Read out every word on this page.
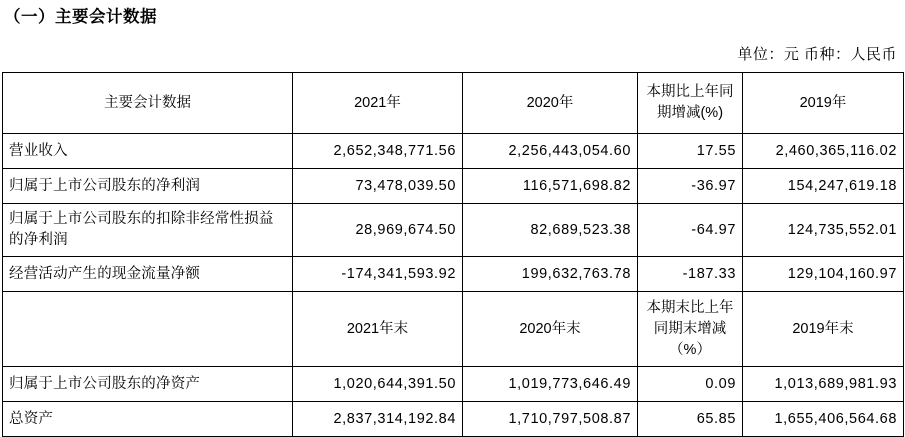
（一）主要会计数据
单位：元 币种：人民币
主要会计数据	2021年	2020年	本期比上年同期增减(%)	2019年
营业收入	2,652,348,771.56	2,256,443,054.60	17.55	2,460,365,116.02
归属于上市公司股东的净利润	73,478,039.50	116,571,698.82	-36.97	154,247,619.18
归属于上市公司股东的扣除非经常性损益的净利润	28,969,674.50	82,689,523.38	-64.97	124,735,552.01
经营活动产生的现金流量净额	-174,341,593.92	199,632,763.78	-187.33	129,104,160.97
	2021年末	2020年末	本期末比上年同期末增减（%）	2019年末
归属于上市公司股东的净资产	1,020,644,391.50	1,019,773,646.49	0.09	1,013,689,981.93
总资产	2,837,314,192.84	1,710,797,508.87	65.85	1,655,406,564.68
